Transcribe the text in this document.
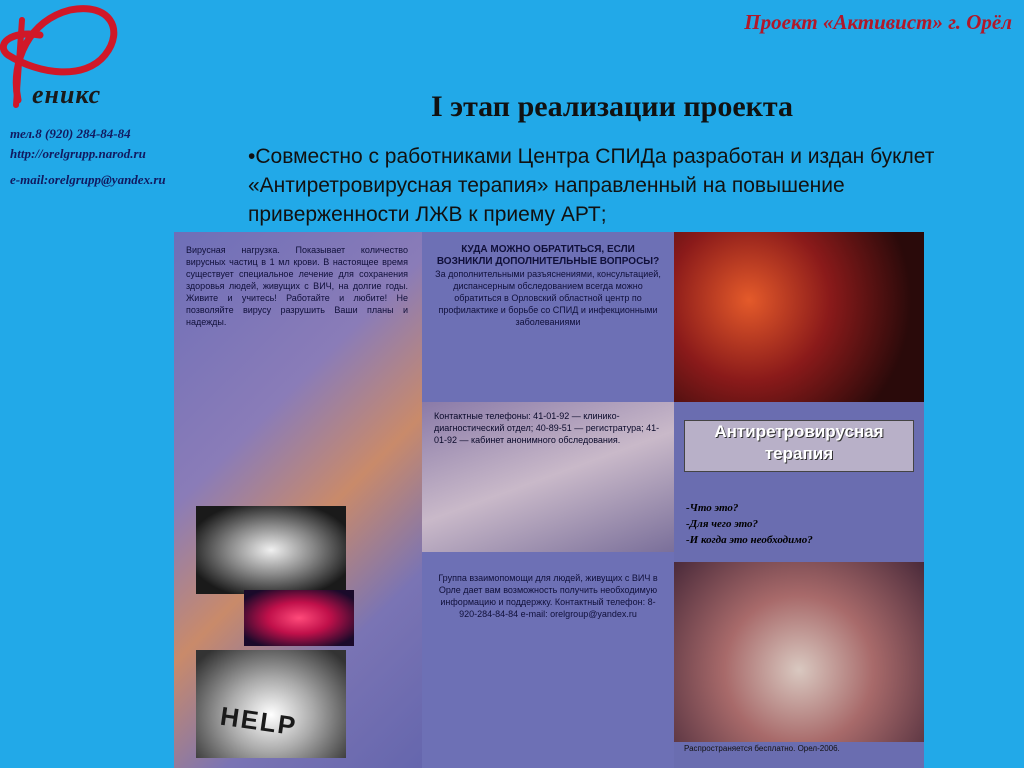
еникс
тел.8 (920) 284-84-84
http://orelgrupp.narod.ru
e-mail:orelgrupp@yandex.ru
Проект «Активист» г. Орёл
I этап реализации проекта
•Совместно с работниками Центра СПИДа разработан и издан буклет «Антиретровирусная терапия» направленный на повышение приверженности ЛЖВ к приему АРТ;
Вирусная нагрузка. Показывает количество вирусных частиц в 1 мл крови. В настоящее время существует специальное лечение для сохранения здоровья людей, живущих с ВИЧ, на долгие годы. Живите и учитесь! Работайте и любите! Не позволяйте вирусу разрушить Ваши планы и надежды.
HELP
КУДА МОЖНО ОБРАТИТЬСЯ, ЕСЛИ ВОЗНИКЛИ ДОПОЛНИТЕЛЬНЫЕ ВОПРОСЫ?
За дополнительными разъяснениями, консультацией, диспансерным обследованием всегда можно обратиться в Орловский областной центр по профилактике и борьбе со СПИД и инфекционными заболеваниями
Контактные телефоны: 41-01-92 — клинико-диагностический отдел; 40-89-51 — регистратура; 41-01-92 — кабинет анонимного обследования.
Группа взаимопомощи для людей, живущих с ВИЧ в Орле дает вам возможность получить необходимую информацию и поддержку. Контактный телефон: 8-920-284-84-84 e-mail: orelgroup@yandex.ru
Антиретровирусная терапия
-Что это?
-Для чего это?
-И когда это необходимо?
Распространяется бесплатно. Орел-2006.
